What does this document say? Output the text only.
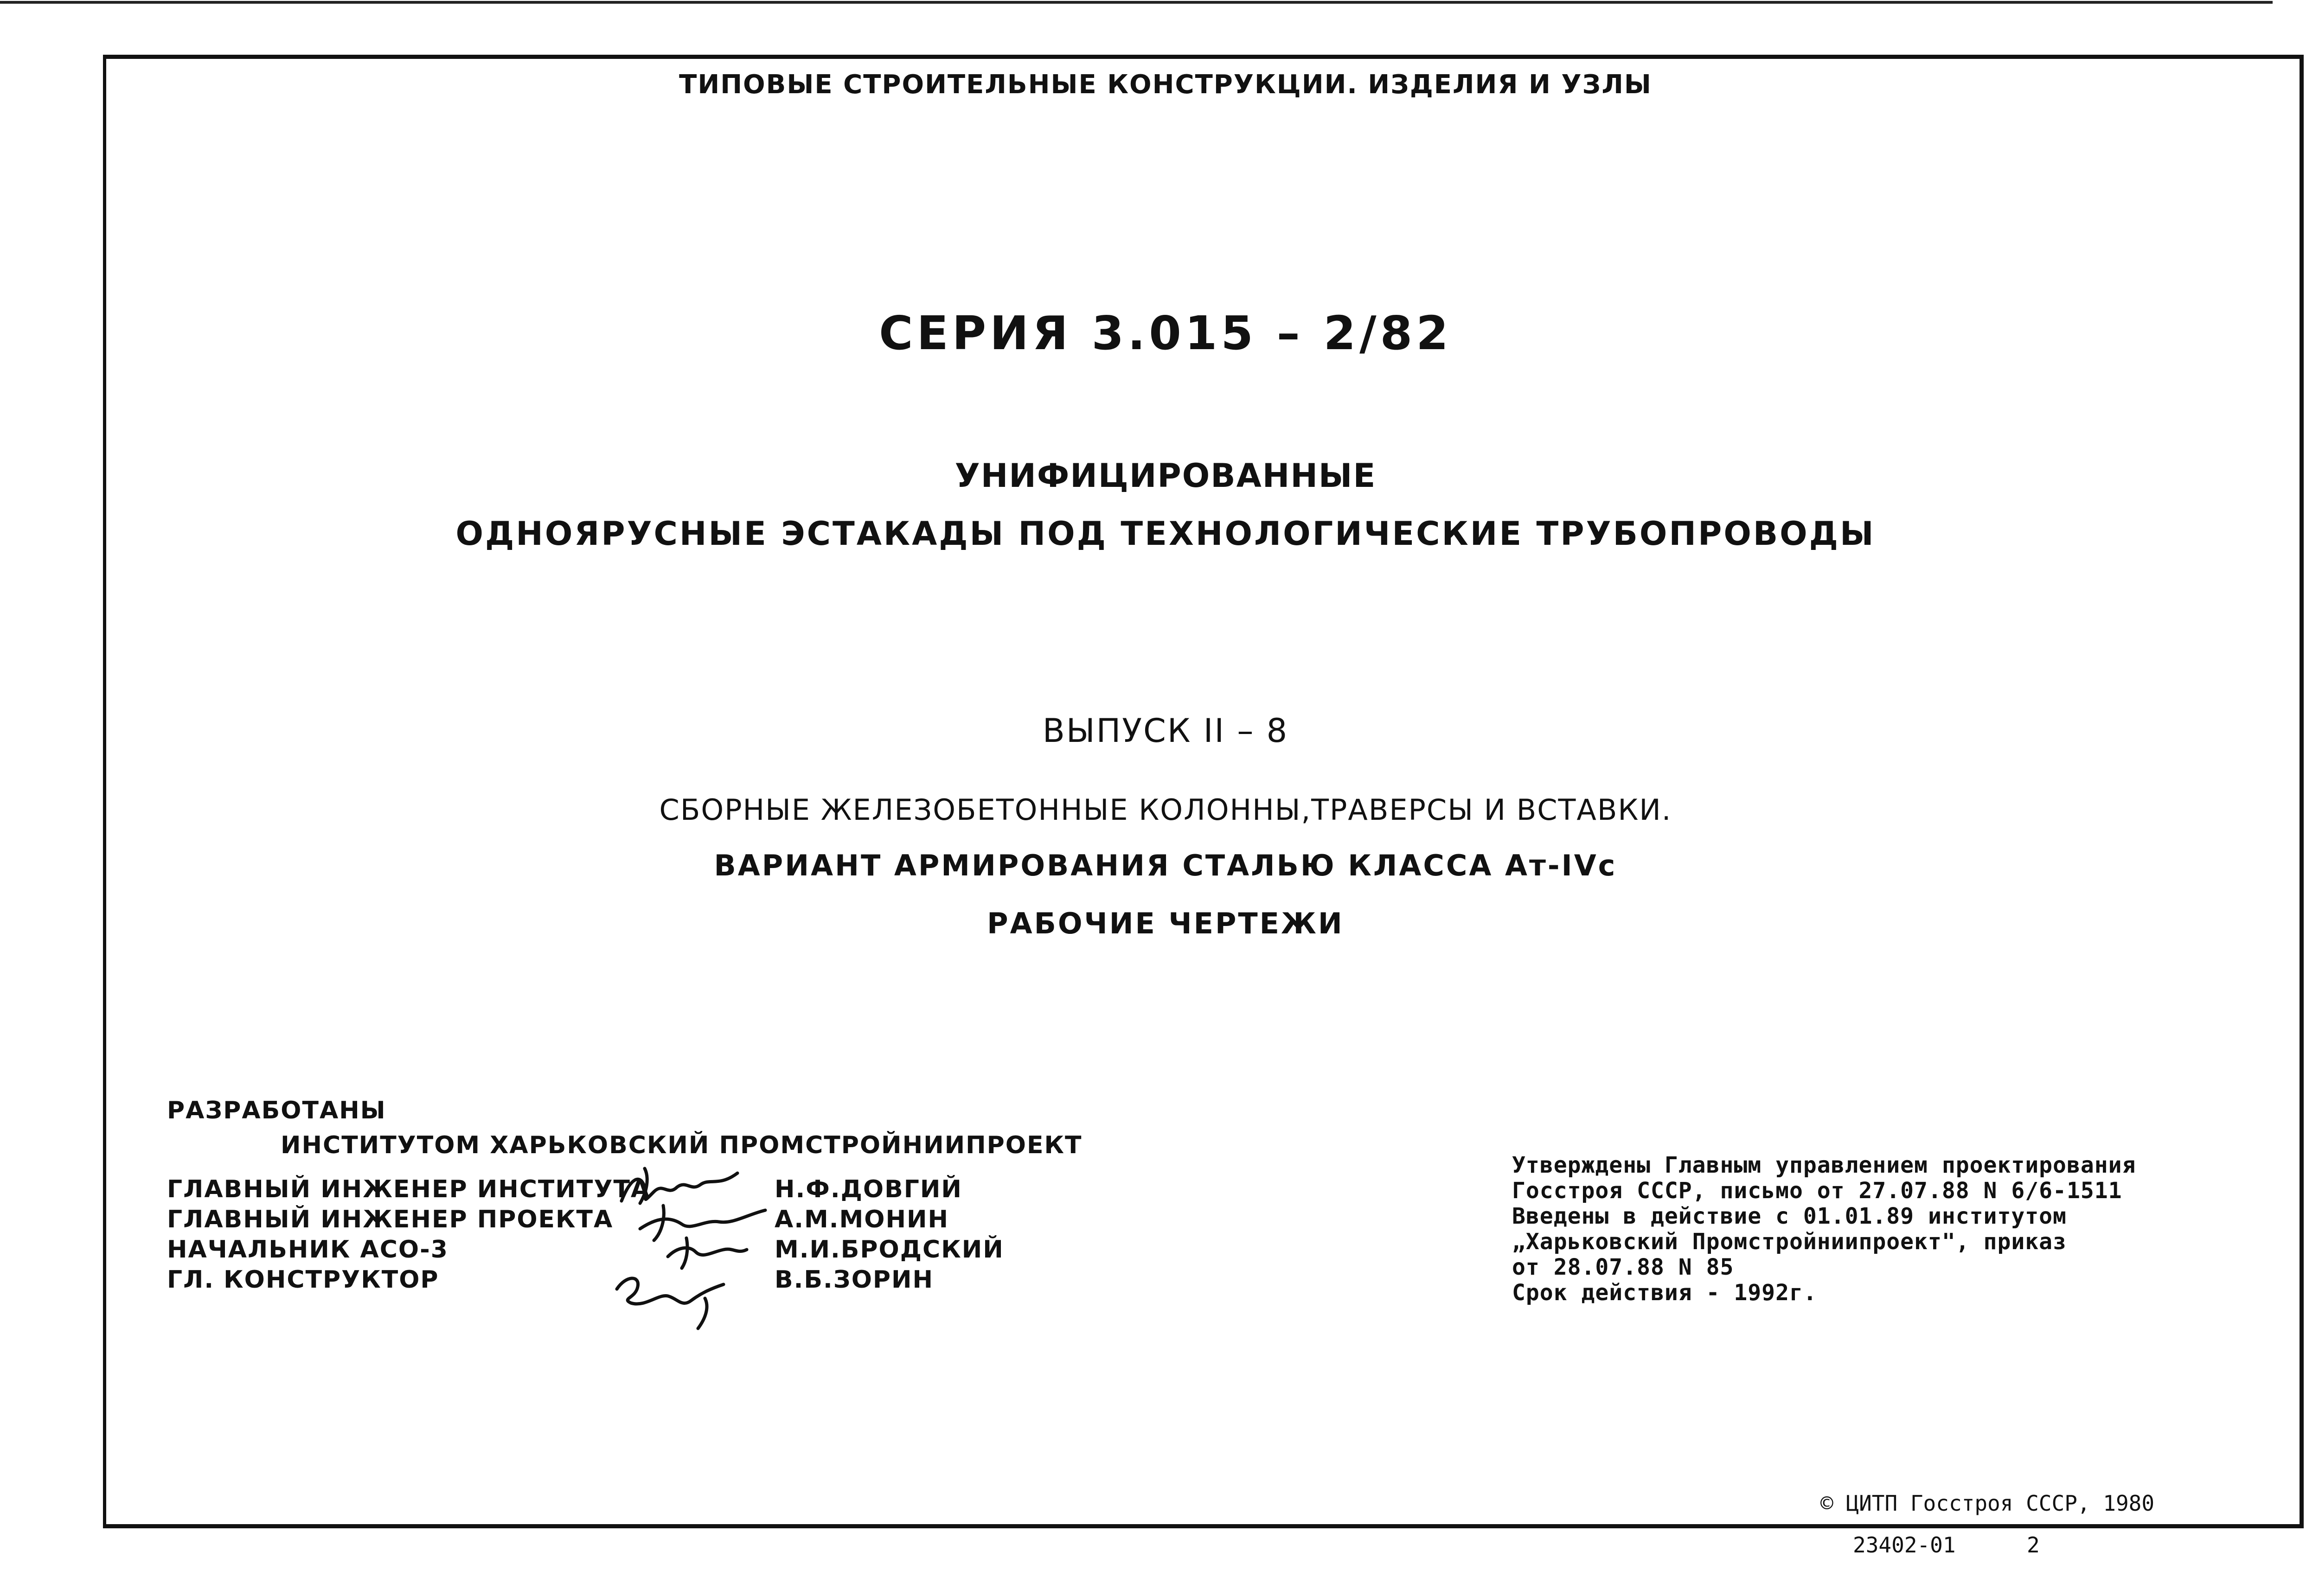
ТИПОВЫЕ СТРОИТЕЛЬНЫЕ КОНСТРУКЦИИ. ИЗДЕЛИЯ И УЗЛЫ
СЕРИЯ 3.015 – 2/82
УНИФИЦИРОВАННЫЕ
ОДНОЯРУСНЫЕ ЭСТАКАДЫ ПОД ТЕХНОЛОГИЧЕСКИЕ ТРУБОПРОВОДЫ
ВЫПУСК II – 8
СБОРНЫЕ ЖЕЛЕЗОБЕТОННЫЕ КОЛОННЫ,ТРАВЕРСЫ И ВСТАВКИ.
ВАРИАНТ АРМИРОВАНИЯ СТАЛЬЮ КЛАССА Ат-IVс
РАБОЧИЕ ЧЕРТЕЖИ
РАЗРАБОТАНЫ
ИНСТИТУТОМ ХАРЬКОВСКИЙ ПРОМСТРОЙНИИПРОЕКТ
ГЛАВНЫЙ ИНЖЕНЕР ИНСТИТУТА
ГЛАВНЫЙ ИНЖЕНЕР ПРОЕКТА
НАЧАЛЬНИК АСО-3
ГЛ. КОНСТРУКТОР
Н.Ф.ДОВГИЙ
А.М.МОНИН
М.И.БРОДСКИЙ
В.Б.ЗОРИН
Утверждены Главным управлением проектирования
Госстроя СССР, письмо от 27.07.88 N 6/6-1511
Введены в действие с 01.01.89 институтом
„Харьковский Промстройниипроект", приказ
от 28.07.88 N 85
Срок действия - 1992г.
© ЦИТП Госстроя СССР, 1980
23402-01	2
